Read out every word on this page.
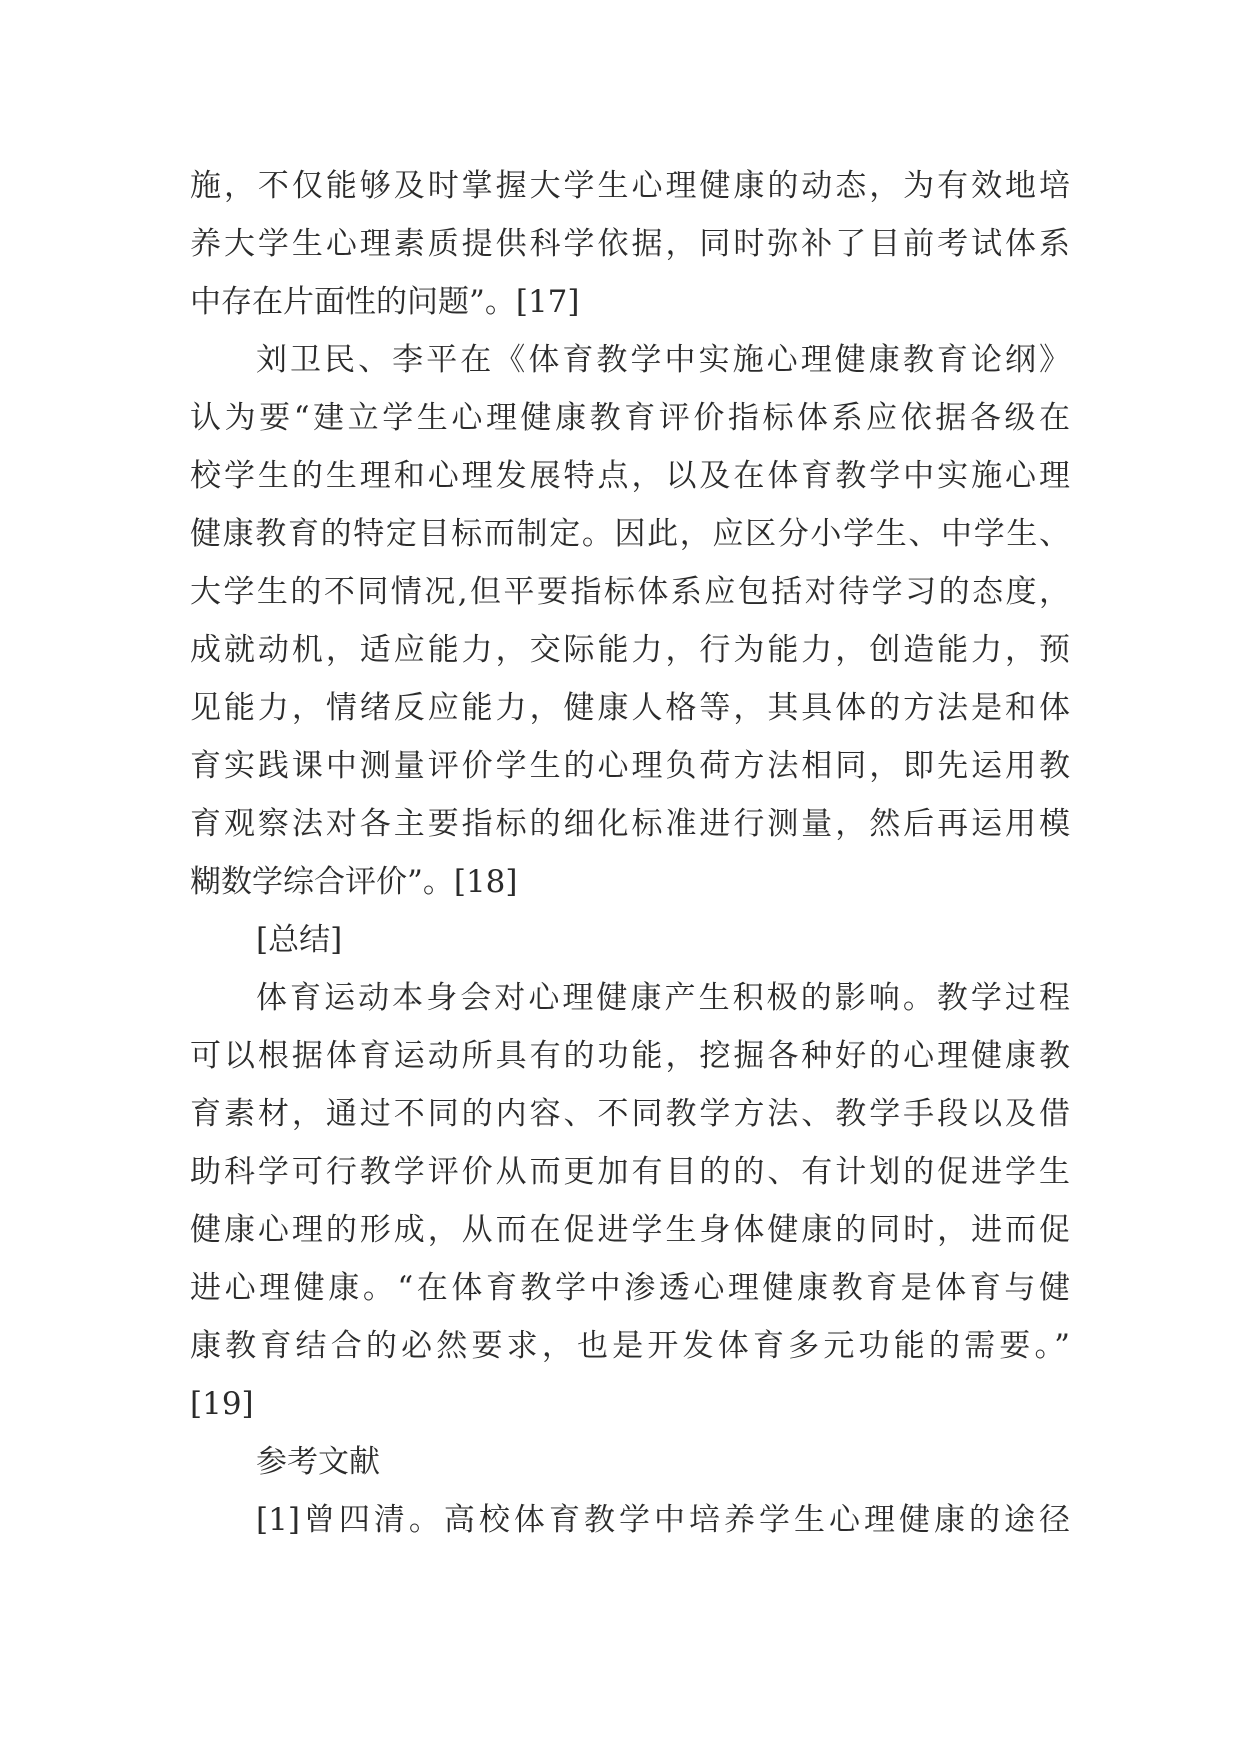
施，不仅能够及时掌握大学生心理健康的动态，为有效地培
养大学生心理素质提供科学依据，同时弥补了目前考试体系
中存在片面性的问题”。[17]
刘卫民、李平在《体育教学中实施心理健康教育论纲》
认为要“建立学生心理健康教育评价指标体系应依据各级在
校学生的生理和心理发展特点，以及在体育教学中实施心理
健康教育的特定目标而制定。因此，应区分小学生、中学生、
大学生的不同情况,但平要指标体系应包括对待学习的态度，
成就动机，适应能力，交际能力，行为能力，创造能力，预
见能力，情绪反应能力，健康人格等，其具体的方法是和体
育实践课中测量评价学生的心理负荷方法相同，即先运用教
育观察法对各主要指标的细化标准进行测量，然后再运用模
糊数学综合评价”。[18]
[总结]
体育运动本身会对心理健康产生积极的影响。教学过程
可以根据体育运动所具有的功能，挖掘各种好的心理健康教
育素材，通过不同的内容、不同教学方法、教学手段以及借
助科学可行教学评价从而更加有目的的、有计划的促进学生
健康心理的形成，从而在促进学生身体健康的同时，进而促
进心理健康。“在体育教学中渗透心理健康教育是体育与健
康教育结合的必然要求，也是开发体育多元功能的需要。”
[19]
参考文献
[1]曾四清。高校体育教学中培养学生心理健康的途径
